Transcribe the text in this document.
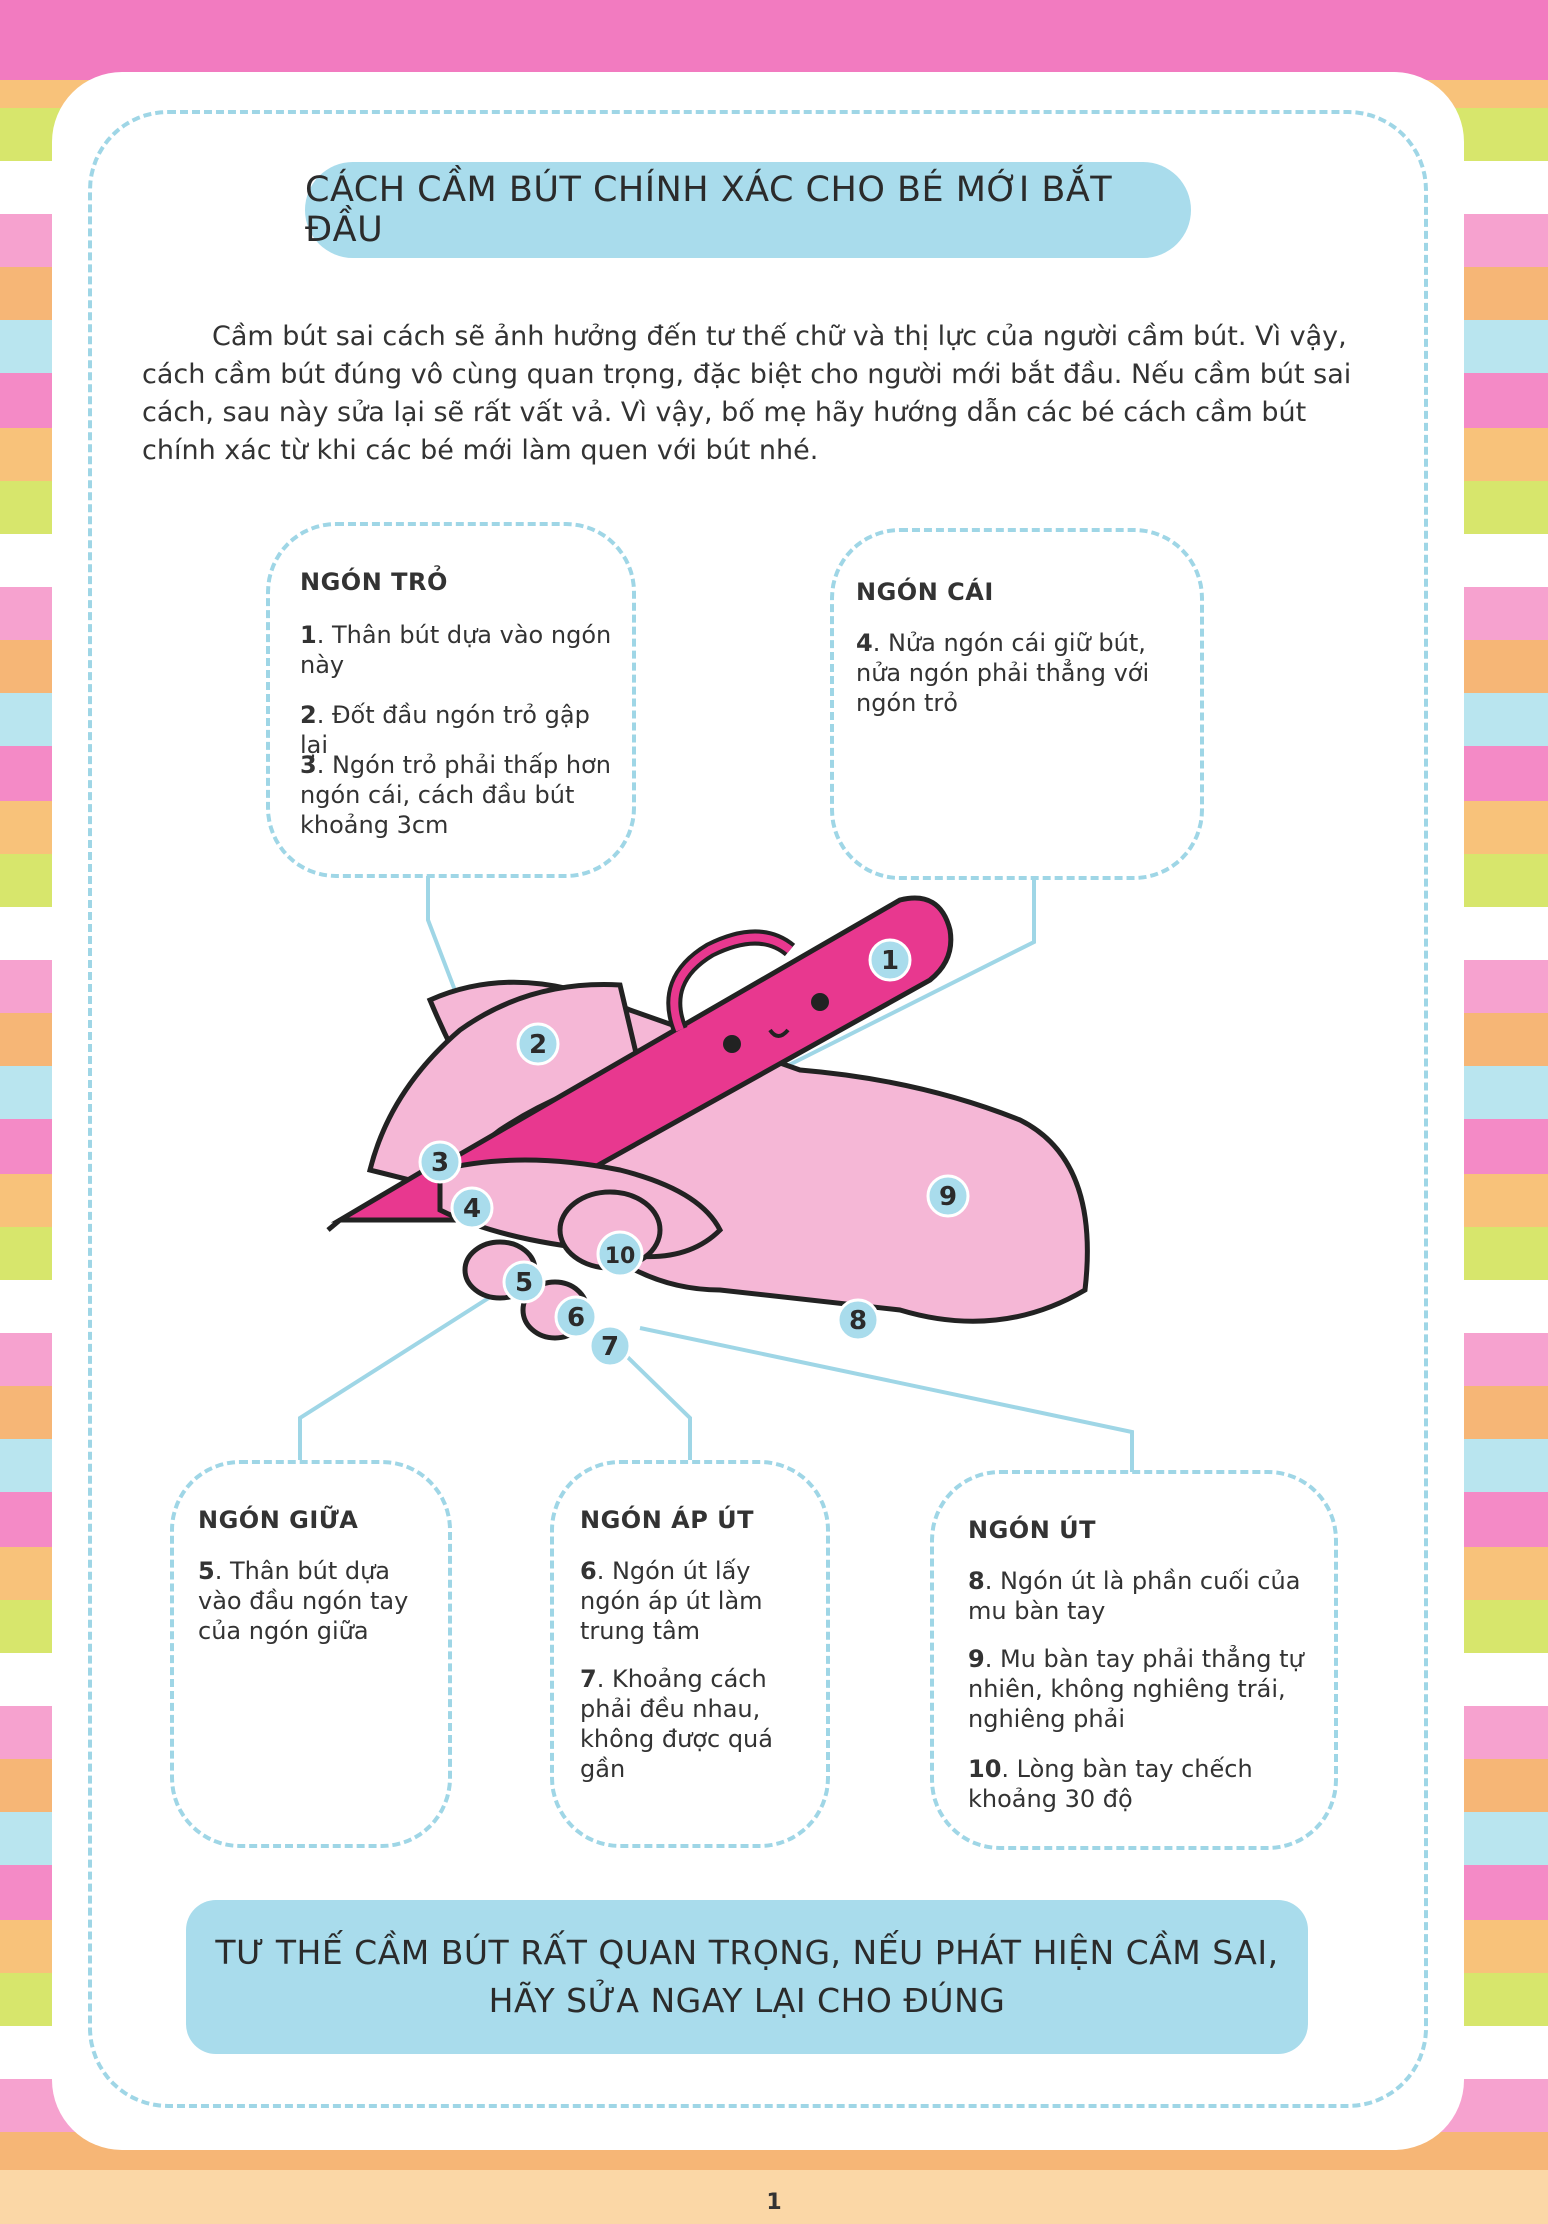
CÁCH CẦM BÚT CHÍNH XÁC CHO BÉ MỚI BẮT ĐẦU

Cầm bút sai cách sẽ ảnh hưởng đến tư thế chữ và thị lực của người cầm bút. Vì vậy, cách cầm bút đúng vô cùng quan trọng, đặc biệt cho người mới bắt đầu. Nếu cầm bút sai cách, sau này sửa lại sẽ rất vất vả. Vì vậy, bố mẹ hãy hướng dẫn các bé cách cầm bút chính xác từ khi các bé mới làm quen với bút nhé.

NGÓN TRỎ
1. Thân bút dựa vào ngón này
2. Đốt đầu ngón trỏ gập lại
3. Ngón trỏ phải thấp hơn ngón cái, cách đầu bút khoảng 3cm
NGÓN CÁI
4. Nửa ngón cái giữ bút, nửa ngón phải thẳng với ngón trỏ
1
2
3
4
5
6
7
8
9
10
NGÓN GIỮA
5. Thân bút dựa vào đầu ngón tay của ngón giữa
NGÓN ÁP ÚT
6. Ngón út lấy ngón áp út làm trung tâm
7. Khoảng cách phải đều nhau, không được quá gần
NGÓN ÚT
8. Ngón út là phần cuối của mu bàn tay
9. Mu bàn tay phải thẳng tự nhiên, không nghiêng trái, nghiêng phải
10. Lòng bàn tay chếch khoảng 30 độ
TƯ THẾ CẦM BÚT RẤT QUAN TRỌNG, NẾU PHÁT HIỆN CẦM SAI,
HÃY SỬA NGAY LẠI CHO ĐÚNG
1
